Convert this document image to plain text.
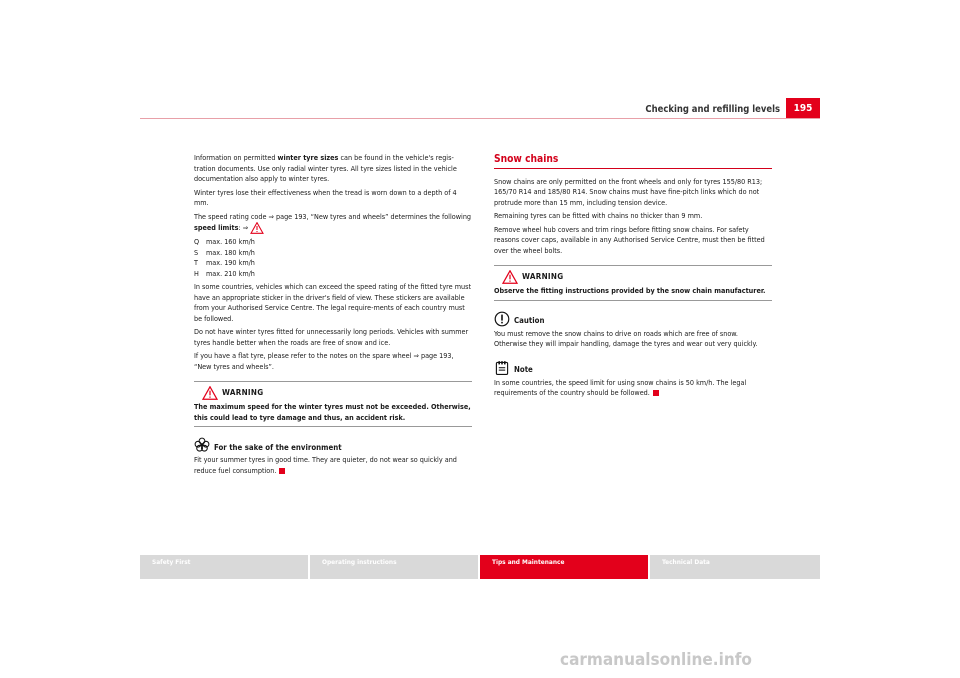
Checking and refilling levels	195

Information on permitted winter tyre sizes can be found in the vehicle's regis-tration documents. Use only radial winter tyres. All tyre sizes listed in the vehicle documentation also apply to winter tyres.

Winter tyres lose their effectiveness when the tread is worn down to a depth of 4 mm.

The speed rating code ⇒ page 193, “New tyres and wheels” determines the following speed limits: ⇒

Q max. 160 km/h
S	max. 180 km/h
T	max. 190 km/h
H max. 210 km/h

In some countries, vehicles which can exceed the speed rating of the fitted tyre must have an appropriate sticker in the driver's field of view. These stickers are available from your Authorised Service Centre. The legal require-ments of each country must be followed.

Do not have winter tyres fitted for unnecessarily long periods. Vehicles with summer tyres handle better when the roads are free of snow and ice.

If you have a flat tyre, please refer to the notes on the spare wheel ⇒ page 193, “New tyres and wheels”.

WARNING

The maximum speed for the winter tyres must not be exceeded. Otherwise, this could lead to tyre damage and thus, an accident risk.

For the sake of the environment

Fit your summer tyres in good time. They are quieter, do not wear so quickly and reduce fuel consumption.

Snow chains

Snow chains are only permitted on the front wheels and only for tyres 155/80 R13; 165/70 R14 and 185/80 R14. Snow chains must have fine-pitch links which do not protrude more than 15 mm, including tension device.

Remaining tyres can be fitted with chains no thicker than 9 mm.

Remove wheel hub covers and trim rings before fitting snow chains. For safety reasons cover caps, available in any Authorised Service Centre, must then be fitted over the wheel bolts.

WARNING

Observe the fitting instructions provided by the snow chain manufacturer.

Caution

You must remove the snow chains to drive on roads which are free of snow. Otherwise they will impair handling, damage the tyres and wear out very quickly.

Note

In some countries, the speed limit for using snow chains is 50 km/h. The legal requirements of the country should be followed.

Safety First	Operating instructions	Tips and Maintenance	Technical Data
carmanualsonline.info
